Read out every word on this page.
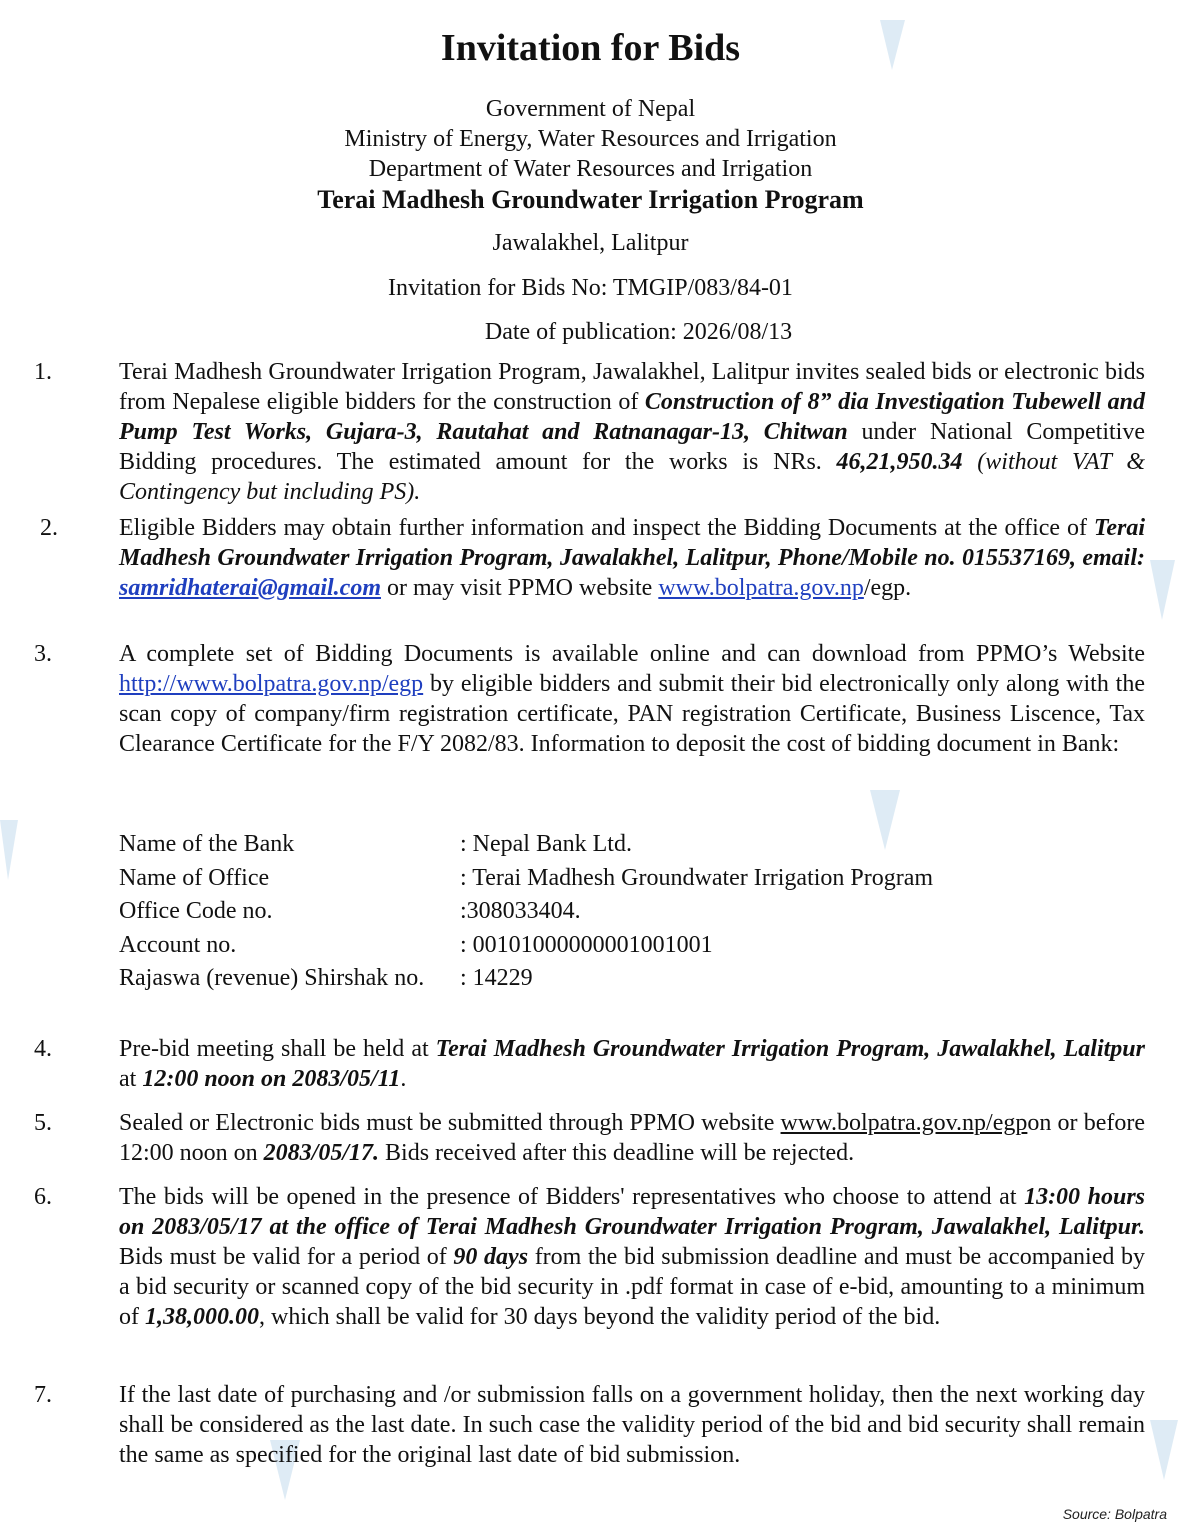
Invitation for Bids
Government of Nepal
Ministry of Energy, Water Resources and Irrigation
Department of Water Resources and Irrigation
Terai Madhesh Groundwater Irrigation Program
Jawalakhel, Lalitpur
Invitation for Bids No: TMGIP/083/84-01
Date of publication: 2026/08/13
1.	Terai Madhesh Groundwater Irrigation Program, Jawalakhel, Lalitpur invites sealed bids or electronic bids from Nepalese eligible bidders for the construction of Construction of 8” dia Investigation Tubewell and Pump Test Works, Gujara-3, Rautahat and Ratnanagar-13, Chitwan under National Competitive Bidding procedures. The estimated amount for the works is NRs. 46,21,950.34 (without VAT & Contingency but including PS).
2.	Eligible Bidders may obtain further information and inspect the Bidding Documents at the office of Terai Madhesh Groundwater Irrigation Program, Jawalakhel, Lalitpur, Phone/Mobile no. 015537169, email: samridhaterai@gmail.com or may visit PPMO website www.bolpatra.gov.np/egp.
3.	A complete set of Bidding Documents is available online and can download from PPMO’s Website http://www.bolpatra.gov.np/egp by eligible bidders and submit their bid electronically only along with the scan copy of company/firm registration certificate, PAN registration Certificate, Business Liscence, Tax Clearance Certificate for the F/Y 2082/83. Information to deposit the cost of bidding document in Bank:
Name of the Bank	: Nepal Bank Ltd.
Name of Office	: Terai Madhesh Groundwater Irrigation Program
Office Code no.	:308033404.
Account no.	: 00101000000001001001
Rajaswa (revenue) Shirshak no.	: 14229
4.	Pre-bid meeting shall be held at Terai Madhesh Groundwater Irrigation Program, Jawalakhel, Lalitpur at 12:00 noon on 2083/05/11.
5.	Sealed or Electronic bids must be submitted through PPMO website www.bolpatra.gov.np/egpon or before 12:00 noon on 2083/05/17. Bids received after this deadline will be rejected.
6.	The bids will be opened in the presence of Bidders' representatives who choose to attend at 13:00 hours on 2083/05/17 at the office of Terai Madhesh Groundwater Irrigation Program, Jawalakhel, Lalitpur. Bids must be valid for a period of 90 days from the bid submission deadline and must be accompanied by a bid security or scanned copy of the bid security in .pdf format in case of e-bid, amounting to a minimum of 1,38,000.00, which shall be valid for 30 days beyond the validity period of the bid.
7.	If the last date of purchasing and /or submission falls on a government holiday, then the next working day shall be considered as the last date. In such case the validity period of the bid and bid security shall remain the same as specified for the original last date of bid submission.
Source: Bolpatra
